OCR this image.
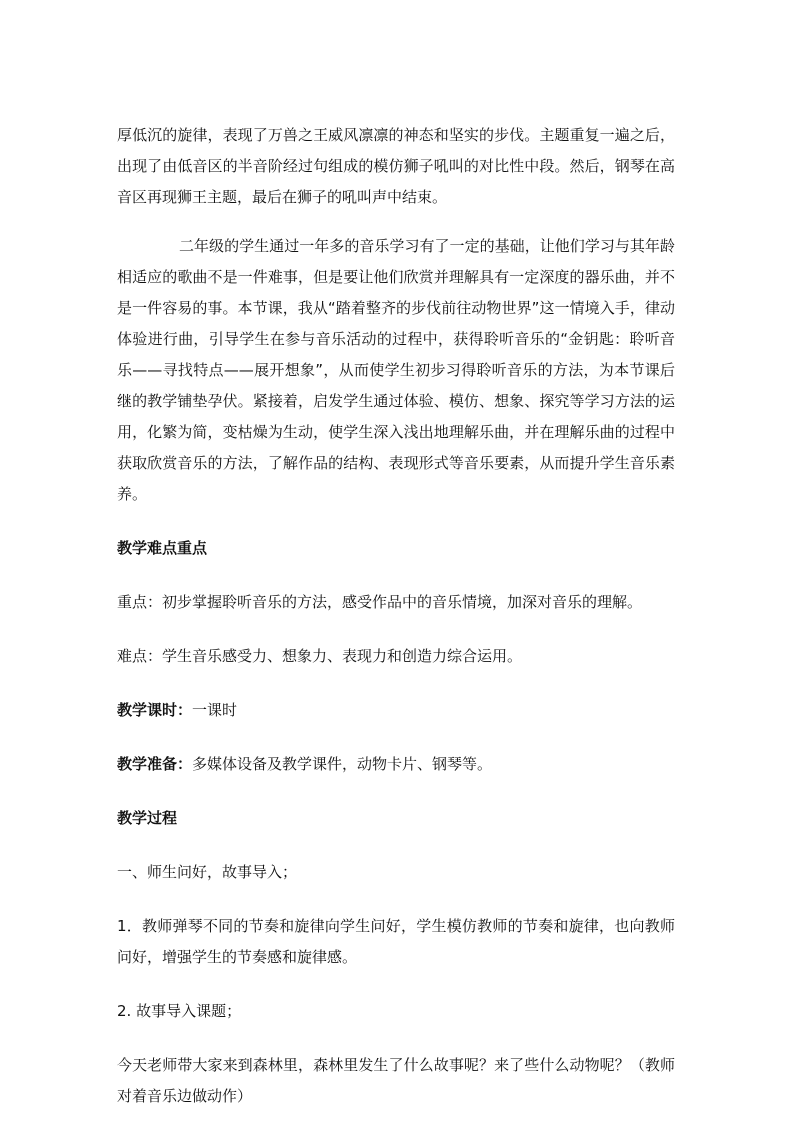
厚低沉的旋律，表现了万兽之王威风凛凛的神态和坚实的步伐。主题重复一遍之后，出现了由低音区的半音阶经过句组成的模仿狮子吼叫的对比性中段。然后，钢琴在高音区再现狮王主题，最后在狮子的吼叫声中结束。

二年级的学生通过一年多的音乐学习有了一定的基础，让他们学习与其年龄相适应的歌曲不是一件难事，但是要让他们欣赏并理解具有一定深度的器乐曲，并不是一件容易的事。本节课，我从“踏着整齐的步伐前往动物世界”这一情境入手，律动体验进行曲，引导学生在参与音乐活动的过程中，获得聆听音乐的“金钥匙：聆听音乐——寻找特点——展开想象”，从而使学生初步习得聆听音乐的方法，为本节课后继的教学铺垫孕伏。紧接着，启发学生通过体验、模仿、想象、探究等学习方法的运用，化繁为简，变枯燥为生动，使学生深入浅出地理解乐曲，并在理解乐曲的过程中获取欣赏音乐的方法，了解作品的结构、表现形式等音乐要素，从而提升学生音乐素养。

教学难点重点

重点：初步掌握聆听音乐的方法，感受作品中的音乐情境，加深对音乐的理解。

难点：学生音乐感受力、想象力、表现力和创造力综合运用。

教学课时：一课时

教学准备：多媒体设备及教学课件，动物卡片、钢琴等。

教学过程

一、师生问好，故事导入；

1．教师弹琴不同的节奏和旋律向学生问好，学生模仿教师的节奏和旋律，也向教师问好，增强学生的节奏感和旋律感。

2. 故事导入课题；

今天老师带大家来到森林里，森林里发生了什么故事呢？来了些什么动物呢？（教师对着音乐边做动作）
